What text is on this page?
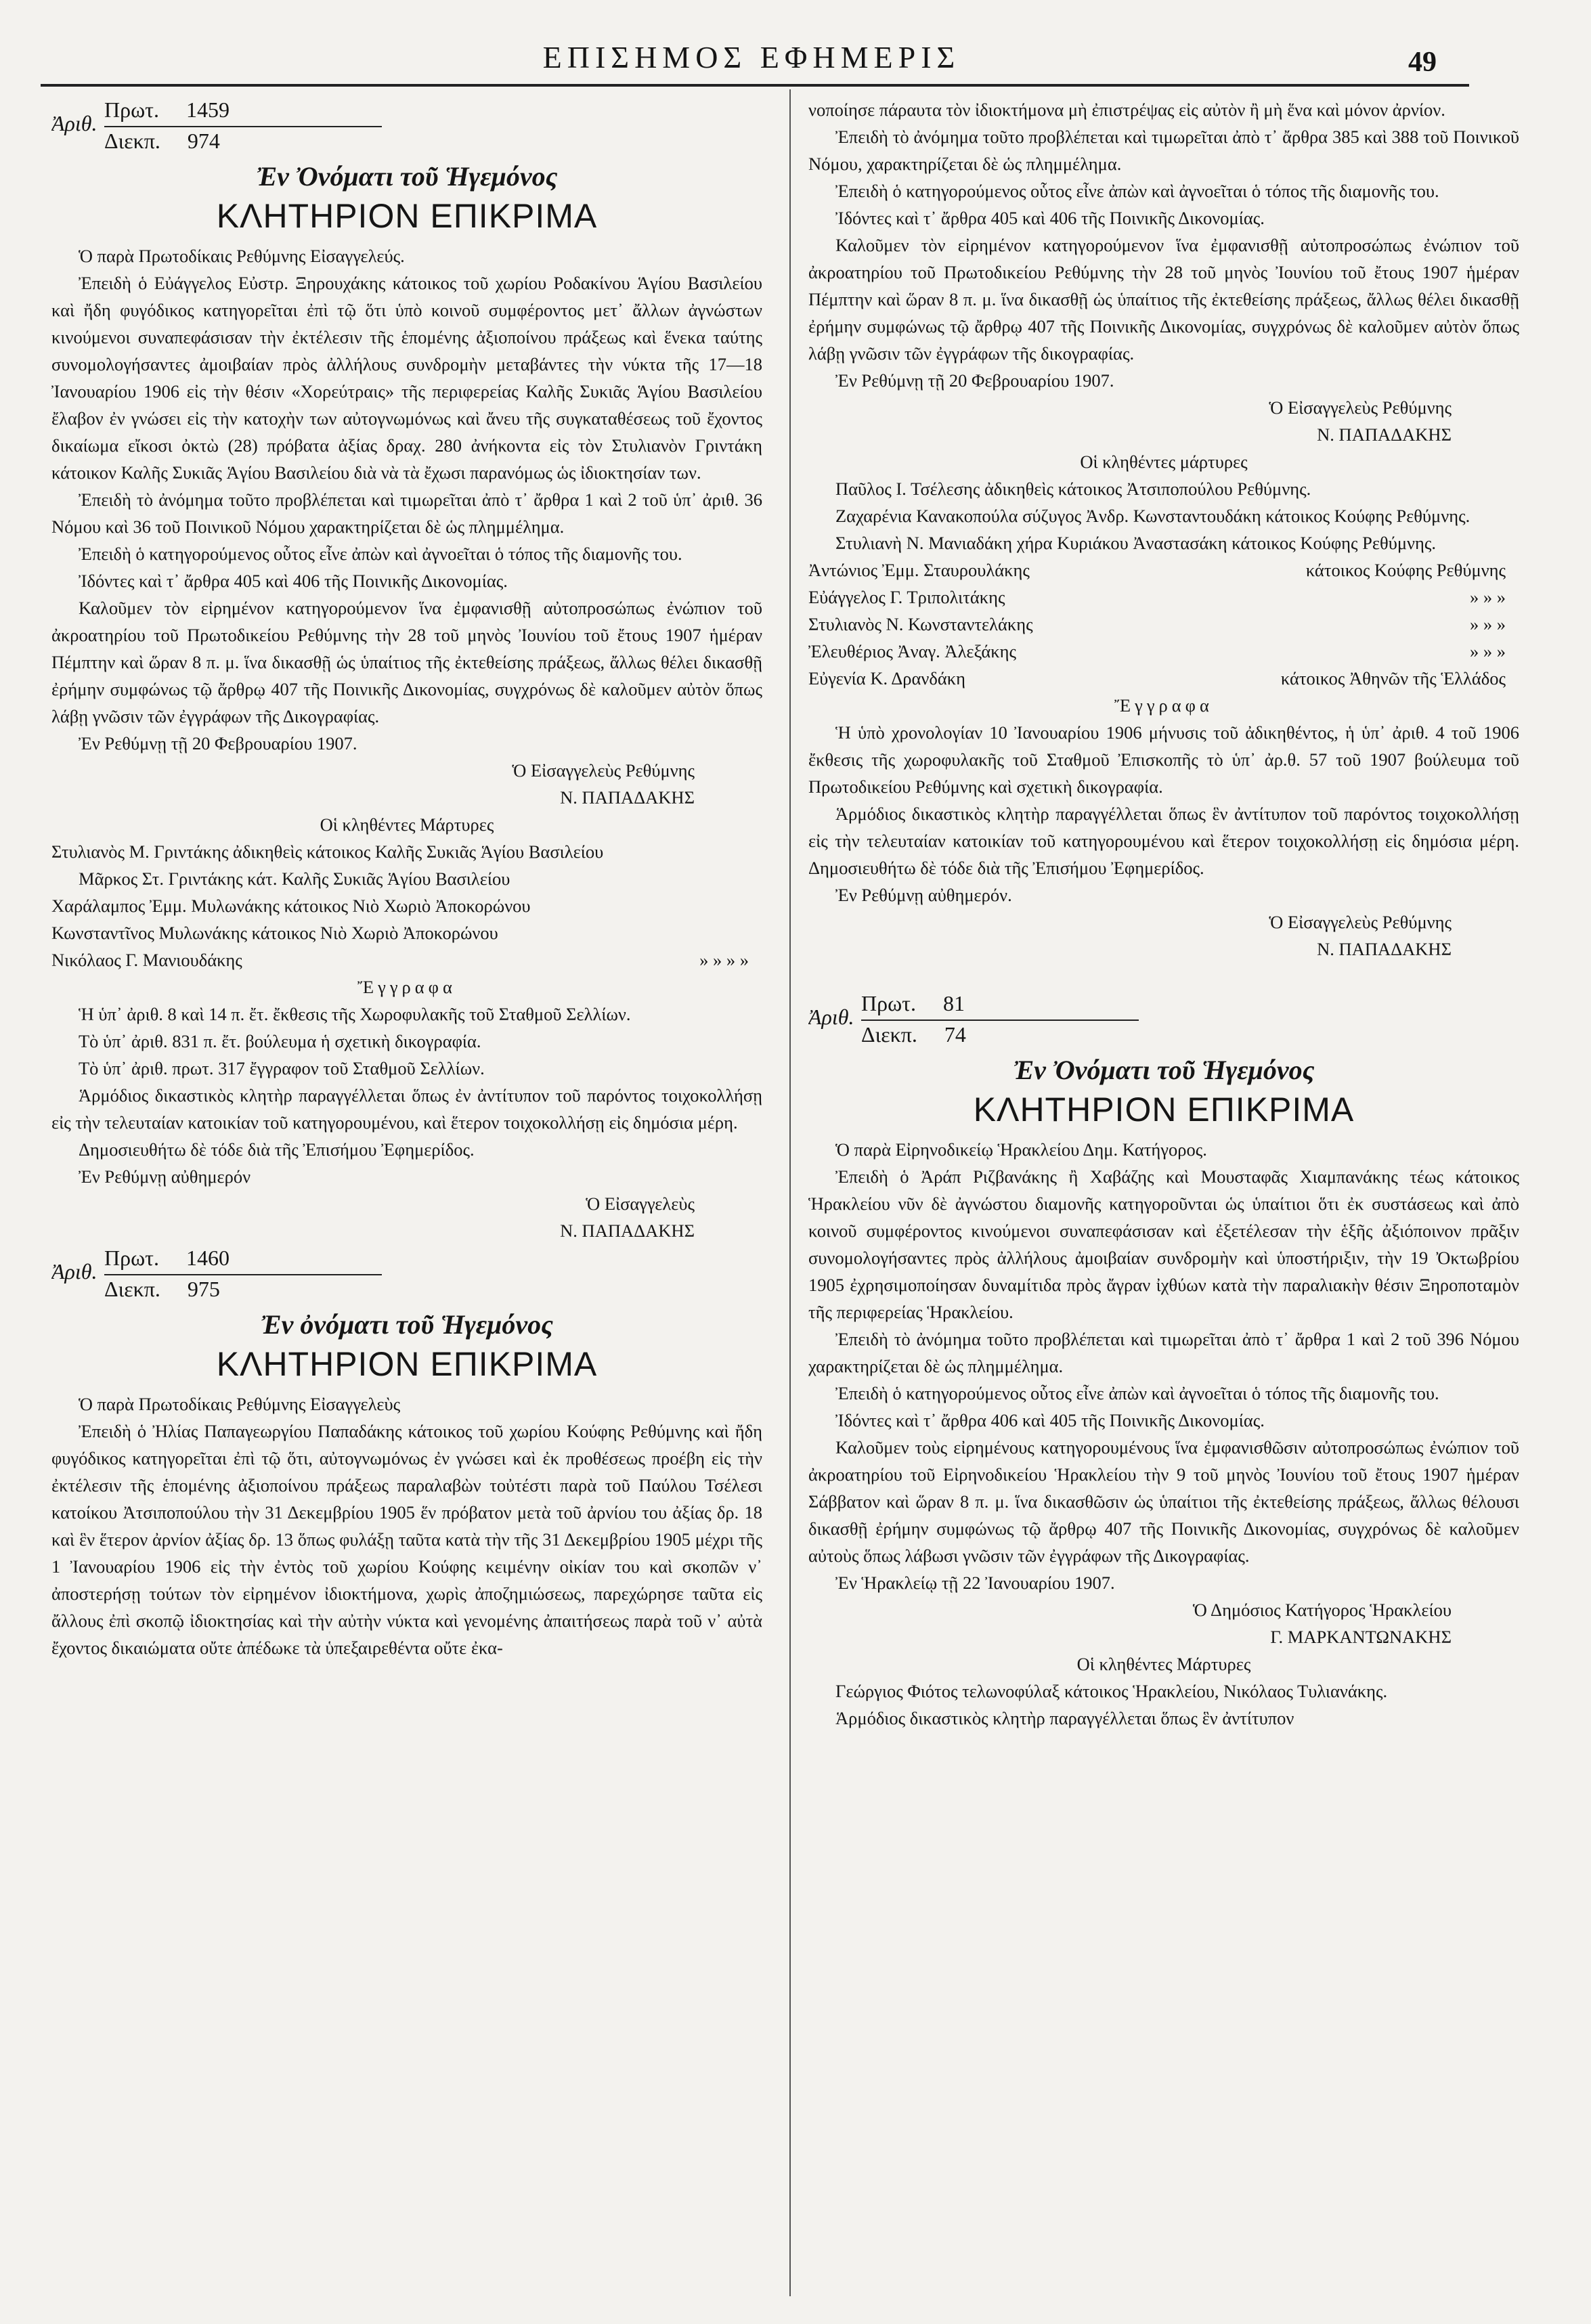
ΕΠΙΣΗΜΟΣ ΕΦΗΜΕΡΙΣ	49
Ἀριθ.
Πρωτ. 1459
Διεκπ. 974

Ἐν Ὀνόματι τοῦ Ἡγεμόνος

ΚΛΗΤΗΡΙΟΝ ΕΠΙΚΡΙΜΑ

Ὁ παρὰ Πρωτοδίκαις Ρεθύμνης Εἰσαγγελεύς.

Ἐπειδὴ ὁ Εὐάγγελος Εὐστρ. Ξηρουχάκης κάτοικος τοῦ χωρίου Ροδακίνου Ἁγίου Βασιλείου καὶ ἤδη φυγόδικος κατηγορεῖται ἐπὶ τῷ ὅτι ὑπὸ κοινοῦ συμφέροντος μετ᾽ ἄλλων ἀγνώστων κινούμενοι συναπεφάσισαν τὴν ἐκτέλεσιν τῆς ἑπομένης ἀξιοποίνου πράξεως καὶ ἕνεκα ταύτης συνομολογήσαντες ἀμοιβαίαν πρὸς ἀλλήλους συνδρομὴν μεταβάντες τὴν νύκτα τῆς 17—18 Ἰανουαρίου 1906 εἰς τὴν θέσιν «Χορεύτραις» τῆς περιφερείας Καλῆς Συκιᾶς Ἁγίου Βασιλείου ἔλαβον ἐν γνώσει εἰς τὴν κατοχὴν των αὐτογνωμόνως καὶ ἄνευ τῆς συγκαταθέσεως τοῦ ἔχοντος δικαίωμα εἴκοσι ὀκτὼ (28) πρόβατα ἀξίας δραχ. 280 ἀνήκοντα εἰς τὸν Στυλιανὸν Γριντάκη κάτοικον Καλῆς Συκιᾶς Ἁγίου Βασιλείου διὰ νὰ τὰ ἔχωσι παρανόμως ὡς ἰδιοκτησίαν των.

Ἐπειδὴ τὸ ἀνόμημα τοῦτο προβλέπεται καὶ τιμωρεῖται ἀπὸ τ᾽ ἄρθρα 1 καὶ 2 τοῦ ὑπ᾽ ἀριθ. 36 Νόμου καὶ 36 τοῦ Ποινικοῦ Νόμου χαρακτηρίζεται δὲ ὡς πλημμέλημα.

Ἐπειδὴ ὁ κατηγορούμενος οὗτος εἶνε ἀπὼν καὶ ἀγνοεῖται ὁ τόπος τῆς διαμονῆς του.

Ἰδόντες καὶ τ᾽ ἄρθρα 405 καὶ 406 τῆς Ποινικῆς Δικονομίας.

Καλοῦμεν τὸν εἰρημένον κατηγορούμενον ἵνα ἐμφανισθῇ αὐτοπροσώπως ἐνώπιον τοῦ ἀκροατηρίου τοῦ Πρωτοδικείου Ρεθύμνης τὴν 28 τοῦ μηνὸς Ἰουνίου τοῦ ἔτους 1907 ἡμέραν Πέμπτην καὶ ὥραν 8 π. μ. ἵνα δικασθῇ ὡς ὑπαίτιος τῆς ἐκτεθείσης πράξεως, ἄλλως θέλει δικασθῇ ἐρήμην συμφώνως τῷ ἄρθρῳ 407 τῆς Ποινικῆς Δικονομίας, συγχρόνως δὲ καλοῦμεν αὐτὸν ὅπως λάβῃ γνῶσιν τῶν ἐγγράφων τῆς Δικογραφίας.

Ἐν Ρεθύμνῃ τῇ 20 Φεβρουαρίου 1907.

Ὁ Εἰσαγγελεὺς Ρεθύμνης

Ν. ΠΑΠΑΔΑΚΗΣ

Οἱ κληθέντες Μάρτυρες

Στυλιανὸς Μ. Γριντάκης ἀδικηθεὶς κάτοικος Καλῆς Συκιᾶς Ἁγίου Βασιλείου

Μᾶρκος Στ. Γριντάκης κάτ. Καλῆς Συκιᾶς Ἁγίου Βασιλείου

Χαράλαμπος Ἐμμ. Μυλωνάκης κάτοικος Νιὸ Χωριὸ Ἀποκορώνου

Κωνσταντῖνος Μυλωνάκης κάτοικος Νιὸ Χωριὸ Ἀποκορώνου

Νικόλαος Γ. Μανιουδάκης	» » » »

Ἔγγραφα

Ἡ ὑπ᾽ ἀριθ. 8 καὶ 14 π. ἔτ. ἔκθεσις τῆς Χωροφυλακῆς τοῦ Σταθμοῦ Σελλίων.

Τὸ ὑπ᾽ ἀριθ. 831 π. ἔτ. βούλευμα ἡ σχετικὴ δικογραφία.

Τὸ ὑπ᾽ ἀριθ. πρωτ. 317 ἔγγραφον τοῦ Σταθμοῦ Σελλίων.

Ἁρμόδιος δικαστικὸς κλητὴρ παραγγέλλεται ὅπως ἐν ἀντίτυπον τοῦ παρόντος τοιχοκολλήσῃ εἰς τὴν τελευταίαν κατοικίαν τοῦ κατηγορουμένου, καὶ ἕτερον τοιχοκολλήσῃ εἰς δημόσια μέρη.

Δημοσιευθήτω δὲ τόδε διὰ τῆς Ἐπισήμου Ἐφημερίδος.

Ἐν Ρεθύμνῃ αὐθημερόν

Ὁ Εἰσαγγελεὺς

Ν. ΠΑΠΑΔΑΚΗΣ

Ἀριθ.
Πρωτ. 1460
Διεκπ. 975

Ἐν ὀνόματι τοῦ Ἡγεμόνος

ΚΛΗΤΗΡΙΟΝ ΕΠΙΚΡΙΜΑ

Ὁ παρὰ Πρωτοδίκαις Ρεθύμνης Εἰσαγγελεὺς

Ἐπειδὴ ὁ Ἠλίας Παπαγεωργίου Παπαδάκης κάτοικος τοῦ χωρίου Κούφης Ρεθύμνης καὶ ἤδη φυγόδικος κατηγορεῖται ἐπὶ τῷ ὅτι, αὐτογνωμόνως ἐν γνώσει καὶ ἐκ προθέσεως προέβη εἰς τὴν ἐκτέλεσιν τῆς ἑπομένης ἀξιοποίνου πράξεως παραλαβὼν τοὐτέστι παρὰ τοῦ Παύλου Τσέλεσι κατοίκου Ἀτσιποπούλου τὴν 31 Δεκεμβρίου 1905 ἕν πρόβατον μετὰ τοῦ ἀρνίου του ἀξίας δρ. 18 καὶ ἓν ἕτερον ἀρνίον ἀξίας δρ. 13 ὅπως φυλάξῃ ταῦτα κατὰ τὴν τῆς 31 Δεκεμβρίου 1905 μέχρι τῆς 1 Ἰανουαρίου 1906 εἰς τὴν ἐντὸς τοῦ χωρίου Κούφης κειμένην οἰκίαν του καὶ σκοπῶν ν᾽ ἀποστερήσῃ τούτων τὸν εἰρημένον ἰδιοκτήμονα, χωρὶς ἀποζημιώσεως, παρεχώρησε ταῦτα εἰς ἄλλους ἐπὶ σκοπῷ ἰδιοκτησίας καὶ τὴν αὐτὴν νύκτα καὶ γενομένης ἀπαιτήσεως παρὰ τοῦ ν᾽ αὐτὰ ἔχοντος δικαιώματα οὔτε ἀπέδωκε τὰ ὑπεξαιρεθέντα οὔτε ἐκα-

νοποίησε πάραυτα τὸν ἰδιοκτήμονα μὴ ἐπιστρέψας εἰς αὐτὸν ἢ μὴ ἕνα καὶ μόνον ἀρνίον.

Ἐπειδὴ τὸ ἀνόμημα τοῦτο προβλέπεται καὶ τιμωρεῖται ἀπὸ τ᾽ ἄρθρα 385 καὶ 388 τοῦ Ποινικοῦ Νόμου, χαρακτηρίζεται δὲ ὡς πλημμέλημα.

Ἐπειδὴ ὁ κατηγορούμενος οὗτος εἶνε ἀπὼν καὶ ἀγνοεῖται ὁ τόπος τῆς διαμονῆς του.

Ἰδόντες καὶ τ᾽ ἄρθρα 405 καὶ 406 τῆς Ποινικῆς Δικονομίας.

Καλοῦμεν τὸν εἰρημένον κατηγορούμενον ἵνα ἐμφανισθῇ αὐτοπροσώπως ἐνώπιον τοῦ ἀκροατηρίου τοῦ Πρωτοδικείου Ρεθύμνης τὴν 28 τοῦ μηνὸς Ἰουνίου τοῦ ἔτους 1907 ἡμέραν Πέμπτην καὶ ὥραν 8 π. μ. ἵνα δικασθῇ ὡς ὑπαίτιος τῆς ἐκτεθείσης πράξεως, ἄλλως θέλει δικασθῇ ἐρήμην συμφώνως τῷ ἄρθρῳ 407 τῆς Ποινικῆς Δικονομίας, συγχρόνως δὲ καλοῦμεν αὐτὸν ὅπως λάβῃ γνῶσιν τῶν ἐγγράφων τῆς δικογραφίας.

Ἐν Ρεθύμνῃ τῇ 20 Φεβρουαρίου 1907.

Ὁ Εἰσαγγελεὺς Ρεθύμνης

Ν. ΠΑΠΑΔΑΚΗΣ

Οἱ κληθέντες μάρτυρες

Παῦλος Ι. Τσέλεσης ἀδικηθεὶς κάτοικος Ἀτσιποπούλου Ρεθύμνης.

Ζαχαρένια Κανακοπούλα σύζυγος Ἀνδρ. Κωνσταντουδάκη κάτοικος Κούφης Ρεθύμνης.

Στυλιανὴ Ν. Μανιαδάκη χήρα Κυριάκου Ἀναστασάκη κάτοικος Κούφης Ρεθύμνης.

Ἀντώνιος Ἐμμ. Σταυρουλάκης	κάτοικος Κούφης Ρεθύμνης
Εὐάγγελος Γ. Τριπολιτάκης	» » »
Στυλιανὸς Ν. Κωνσταντελάκης	» » »
Ἐλευθέριος Ἀναγ. Ἀλεξάκης	» » »
Εὐγενία Κ. Δρανδάκη	κάτοικος Ἀθηνῶν τῆς Ἑλλάδος

Ἔγγραφα

Ἡ ὑπὸ χρονολογίαν 10 Ἰανουαρίου 1906 μήνυσις τοῦ ἀδικηθέντος, ἡ ὑπ᾽ ἀριθ. 4 τοῦ 1906 ἔκθεσις τῆς χωροφυλακῆς τοῦ Σταθμοῦ Ἐπισκοπῆς τὸ ὑπ᾽ ἀρ.θ. 57 τοῦ 1907 βούλευμα τοῦ Πρωτοδικείου Ρεθύμνης καὶ σχετικὴ δικογραφία.

Ἁρμόδιος δικαστικὸς κλητὴρ παραγγέλλεται ὅπως ἓν ἀντίτυπον τοῦ παρόντος τοιχοκολλήσῃ εἰς τὴν τελευταίαν κατοικίαν τοῦ κατηγορουμένου καὶ ἕτερον τοιχοκολλήσῃ εἰς δημόσια μέρη. Δημοσιευθήτω δὲ τόδε διὰ τῆς Ἐπισήμου Ἐφημερίδος.

Ἐν Ρεθύμνῃ αὐθημερόν.

Ὁ Εἰσαγγελεὺς Ρεθύμνης

Ν. ΠΑΠΑΔΑΚΗΣ

Ἀριθ.
Πρωτ. 81
Διεκπ. 74

Ἐν Ὀνόματι τοῦ Ἡγεμόνος

ΚΛΗΤΗΡΙΟΝ ΕΠΙΚΡΙΜΑ

Ὁ παρὰ Εἰρηνοδικείῳ Ἡρακλείου Δημ. Κατήγορος.

Ἐπειδὴ ὁ Ἀράπ Ριζβανάκης ἢ Χαβάζης καὶ Μουσταφᾶς Χιαμπανάκης τέως κάτοικος Ἡρακλείου νῦν δὲ ἀγνώστου διαμονῆς κατηγοροῦνται ὡς ὑπαίτιοι ὅτι ἐκ συστάσεως καὶ ἀπὸ κοινοῦ συμφέροντος κινούμενοι συναπεφάσισαν καὶ ἐξετέλεσαν τὴν ἑξῆς ἀξιόποινον πρᾶξιν συνομολογήσαντες πρὸς ἀλλήλους ἀμοιβαίαν συνδρομὴν καὶ ὑποστήριξιν, τὴν 19 Ὀκτωβρίου 1905 ἐχρησιμοποίησαν δυναμίτιδα πρὸς ἄγραν ἰχθύων κατὰ τὴν παραλιακὴν θέσιν Ξηροποταμὸν τῆς περιφερείας Ἡρακλείου.

Ἐπειδὴ τὸ ἀνόμημα τοῦτο προβλέπεται καὶ τιμωρεῖται ἀπὸ τ᾽ ἄρθρα 1 καὶ 2 τοῦ 396 Νόμου χαρακτηρίζεται δὲ ὡς πλημμέλημα.

Ἐπειδὴ ὁ κατηγορούμενος οὗτος εἶνε ἀπὼν καὶ ἀγνοεῖται ὁ τόπος τῆς διαμονῆς του.

Ἰδόντες καὶ τ᾽ ἄρθρα 406 καὶ 405 τῆς Ποινικῆς Δικονομίας.

Καλοῦμεν τοὺς εἰρημένους κατηγορουμένους ἵνα ἐμφανισθῶσιν αὐτοπροσώπως ἐνώπιον τοῦ ἀκροατηρίου τοῦ Εἰρηνοδικείου Ἡρακλείου τὴν 9 τοῦ μηνὸς Ἰουνίου τοῦ ἔτους 1907 ἡμέραν Σάββατον καὶ ὥραν 8 π. μ. ἵνα δικασθῶσιν ὡς ὑπαίτιοι τῆς ἐκτεθείσης πράξεως, ἄλλως θέλουσι δικασθῇ ἐρήμην συμφώνως τῷ ἄρθρῳ 407 τῆς Ποινικῆς Δικονομίας, συγχρόνως δὲ καλοῦμεν αὐτοὺς ὅπως λάβωσι γνῶσιν τῶν ἐγγράφων τῆς Δικογραφίας.

Ἐν Ἡρακλείῳ τῇ 22 Ἰανουαρίου 1907.

Ὁ Δημόσιος Κατήγορος Ἡρακλείου

Γ. ΜΑΡΚΑΝΤΩΝΑΚΗΣ

Οἱ κληθέντες Μάρτυρες

Γεώργιος Φιότος τελωνοφύλαξ κάτοικος Ἡρακλείου, Νικόλαος Τυλιανάκης.

Ἁρμόδιος δικαστικὸς κλητὴρ παραγγέλλεται ὅπως ἓν ἀντίτυπον
